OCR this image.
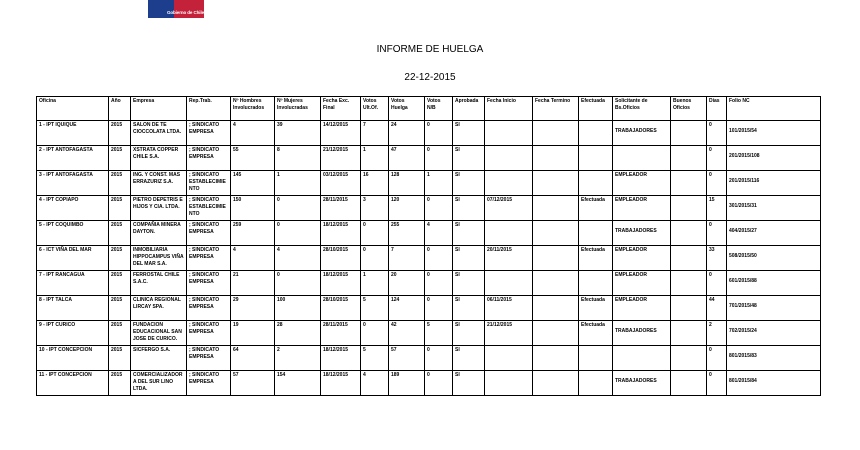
Gobierno de Chile
INFORME DE HUELGA
22-12-2015
Oficina	Año	Empresa	Rep.Trab.	Nº Hombres Involucrados	Nº Mujeres Involucradas	Fecha Exc. Final	Votos Ult.Of.	Votos Huelga	Votos N/B	Aprobada	Fecha Inicio	Fecha Termino	Efectuada	Solicitante de Bs.Oficios	Buenos Oficios	Días	Folio NC
1 - IPT IQUIQUE	2015	SALON DE TE CIOCCOLATA LTDA.	; SINDICATO EMPRESA	4	39	14/12/2015	7	24	0	SI				TRABAJADORES		0	101/2015/54

2 - IPT ANTOFAGASTA	2015	XSTRATA COPPER CHILE S.A.	; SINDICATO EMPRESA	55	8	21/12/2015	1	47	0	SI						0	201/2015/108

3 - IPT ANTOFAGASTA	2015	ING. Y CONST. MAS ERRAZURIZ S.A.	; SINDICATO ESTABLECIMIENTO	145	1	03/12/2015	16	128	1	SI				EMPLEADOR		0	201/2015/116

4 - IPT COPIAPO	2015	PIETRO DEPETRIS E HIJOS Y CIA. LTDA.	; SINDICATO ESTABLECIMIENTO	150	0	28/11/2015	3	120	0	SI	07/12/2015		Efectuada	EMPLEADOR		15	301/2015/31

5 - IPT COQUIMBO	2015	COMPAÑIA MINERA DAYTON.	; SINDICATO EMPRESA	259	0	18/12/2015	0	255	4	SI				TRABAJADORES		0	404/2015/27

6 - ICT VIÑA DEL MAR	2015	INMOBILIARIA HIPPOCAMPUS VIÑA DEL MAR S.A.	; SINDICATO EMPRESA	4	4	28/10/2015	0	7	0	SI	20/11/2015		Efectuada	EMPLEADOR		33	508/2015/50

7 - IPT RANCAGUA	2015	FERROSTAL CHILE S.A.C.	; SINDICATO EMPRESA	21	0	18/12/2015	1	20	0	SI				EMPLEADOR		0	601/2015/88

8 - IPT TALCA	2015	CLINICA REGIONAL LIRCAY SPA.	; SINDICATO EMPRESA	29	100	28/10/2015	5	124	0	SI	06/11/2015		Efectuada	EMPLEADOR		44	701/2015/48

9 - IPT CURICO	2015	FUNDACION EDUCACIONAL SAN JOSE DE CURICO.	; SINDICATO EMPRESA	19	28	28/11/2015	0	42	5	SI	21/12/2015		Efectuada	TRABAJADORES		2	702/2015/24

10 - IPT CONCEPCION	2015	SICFERGO S.A.	; SINDICATO EMPRESA	64	2	18/12/2015	5	57	0	SI						0	801/2015/83

11 - IPT CONCEPCION	2015	COMERCIALIZADORA DEL SUR LINO LTDA.	; SINDICATO EMPRESA	57	154	18/12/2015	4	189	0	SI				TRABAJADORES		0	801/2015/84
